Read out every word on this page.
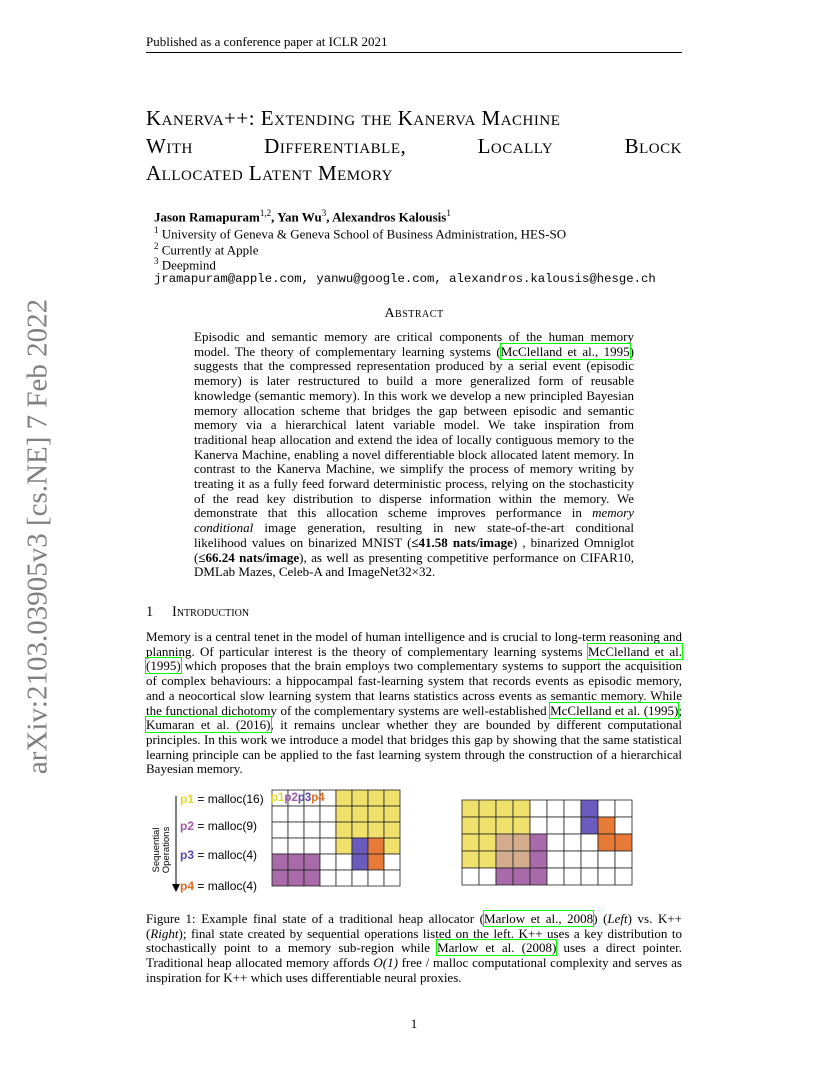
Published as a conference paper at ICLR 2021
Kanerva++: Extending the Kanerva Machine
With	Differentiable,	Locally	Block
Allocated Latent Memory
Jason Ramapuram$^{1,2}$, Yan Wu$^3$, Alexandros Kalousis$^1$
$^1$ University of Geneva & Geneva School of Business Administration, HES-SO
$^2$ Currently at Apple
$^3$ Deepmind
jramapuram@apple.com, yanwu@google.com, alexandros.kalousis@hesge.ch
Abstract
Episodic and semantic memory are critical components of the human memory model. The theory of complementary learning systems (McClelland et al., 1995) suggests that the compressed representation produced by a serial event (episodic memory) is later restructured to build a more generalized form of reusable knowledge (semantic memory). In this work we develop a new principled Bayesian memory allocation scheme that bridges the gap between episodic and semantic memory via a hierarchical latent variable model. We take inspiration from traditional heap allocation and extend the idea of locally contiguous memory to the Kanerva Machine, enabling a novel differentiable block allocated latent memory. In contrast to the Kanerva Machine, we simplify the process of memory writing by treating it as a fully feed forward deterministic process, relying on the stochasticity of the read key distribution to disperse information within the memory. We demonstrate that this allocation scheme improves performance in memory conditional image generation, resulting in new state-of-the-art conditional likelihood values on binarized MNIST (≤41.58 nats/image) , binarized Omniglot (≤66.24 nats/image), as well as presenting competitive performance on CIFAR10, DMLab Mazes, Celeb-A and ImageNet32×32.
1 Introduction
Memory is a central tenet in the model of human intelligence and is crucial to long-term reasoning and planning. Of particular interest is the theory of complementary learning systems McClelland et al. (1995) which proposes that the brain employs two complementary systems to support the acquisition of complex behaviours: a hippocampal fast-learning system that records events as episodic memory, and a neocortical slow learning system that learns statistics across events as semantic memory. While the functional dichotomy of the complementary systems are well-established McClelland et al. (1995); Kumaran et al. (2016), it remains unclear whether they are bounded by different computational principles. In this work we introduce a model that bridges this gap by showing that the same statistical learning principle can be applied to the fast learning system through the construction of a hierarchical Bayesian memory.
Sequential Operations
p1 = malloc(16)
p2 = malloc(9)
p3 = malloc(4)
p4 = malloc(4)
p1p2p3p4
Figure 1: Example final state of a traditional heap allocator (Marlow et al., 2008) (Left) vs. K++ (Right); final state created by sequential operations listed on the left. K++ uses a key distribution to stochastically point to a memory sub-region while Marlow et al. (2008) uses a direct pointer. Traditional heap allocated memory affords O(1) free / malloc computational complexity and serves as inspiration for K++ which uses differentiable neural proxies.
1
arXiv:2103.03905v3 [cs.NE] 7 Feb 2022
